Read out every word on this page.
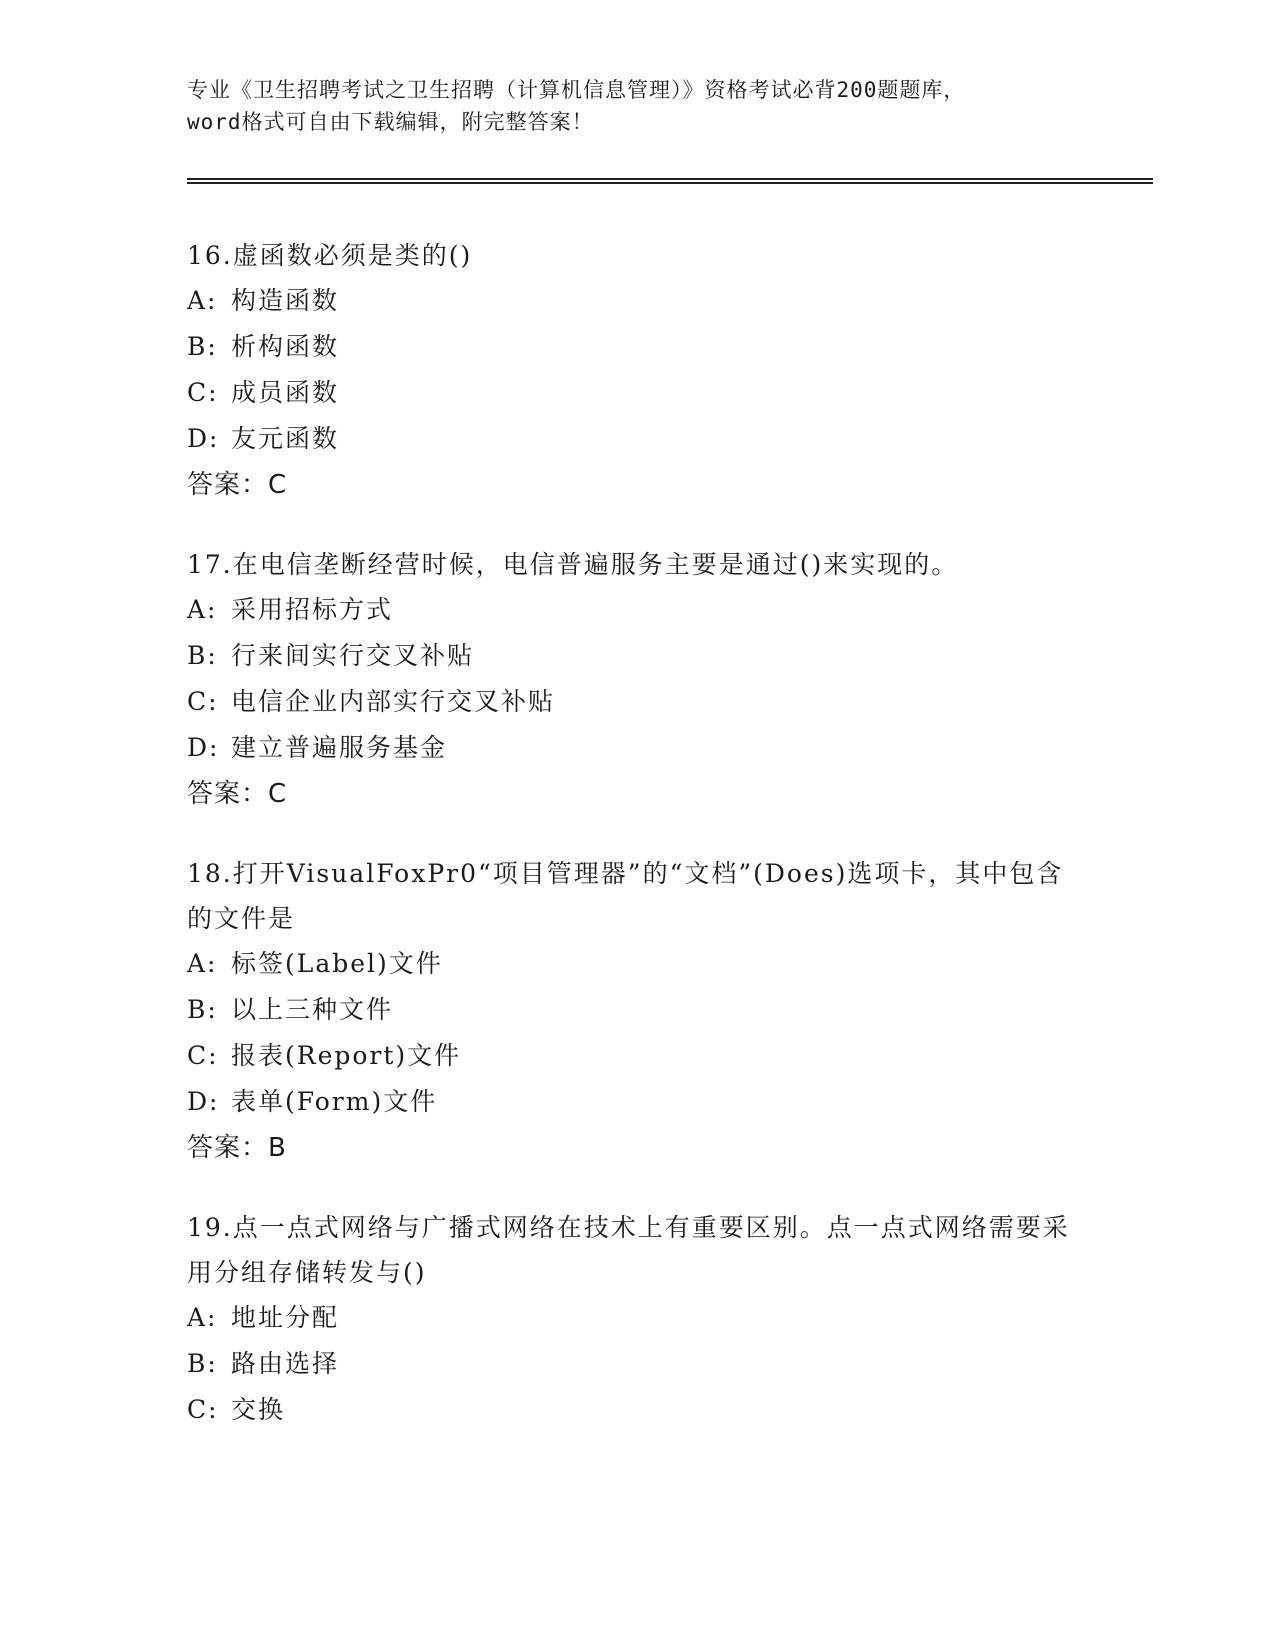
专业《卫生招聘考试之卫生招聘（计算机信息管理）》资格考试必背200题题库，
word格式可自由下载编辑，附完整答案！
16.虚函数必须是类的()
A: 构造函数
B: 析构函数
C: 成员函数
D: 友元函数
答案：C
17.在电信垄断经营时候，电信普遍服务主要是通过()来实现的。
A: 采用招标方式
B: 行来间实行交叉补贴
C: 电信企业内部实行交叉补贴
D: 建立普遍服务基金
答案：C
18.打开VisualFoxPr0“项目管理器”的“文档”(Does)选项卡，其中包含的文件是
A: 标签(Label)文件
B: 以上三种文件
C: 报表(Report)文件
D: 表单(Form)文件
答案：B
19.点一点式网络与广播式网络在技术上有重要区别。点一点式网络需要采用分组存储转发与()
A: 地址分配
B: 路由选择
C: 交换
